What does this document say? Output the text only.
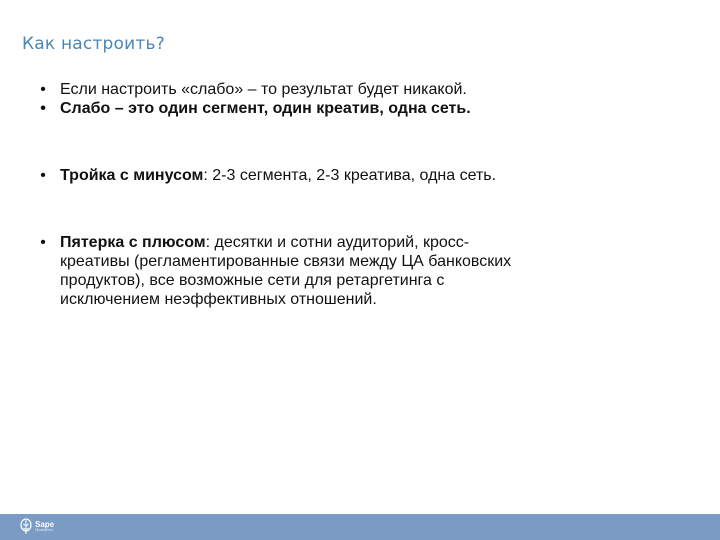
Как настроить?
• Если настроить «слабо» – то результат будет никакой.
• Слабо – это один сегмент, один креатив, одна сеть.
• Тройка с минусом: 2-3 сегмента, 2-3 креатива, одна сеть.
• Пятерка с плюсом: десятки и сотни аудиторий, кросс-креативы (регламентированные связи между ЦА банковских продуктов), все возможные сети для ретаргетинга с исключением неэффективных отношений.
Sape
Проверено
